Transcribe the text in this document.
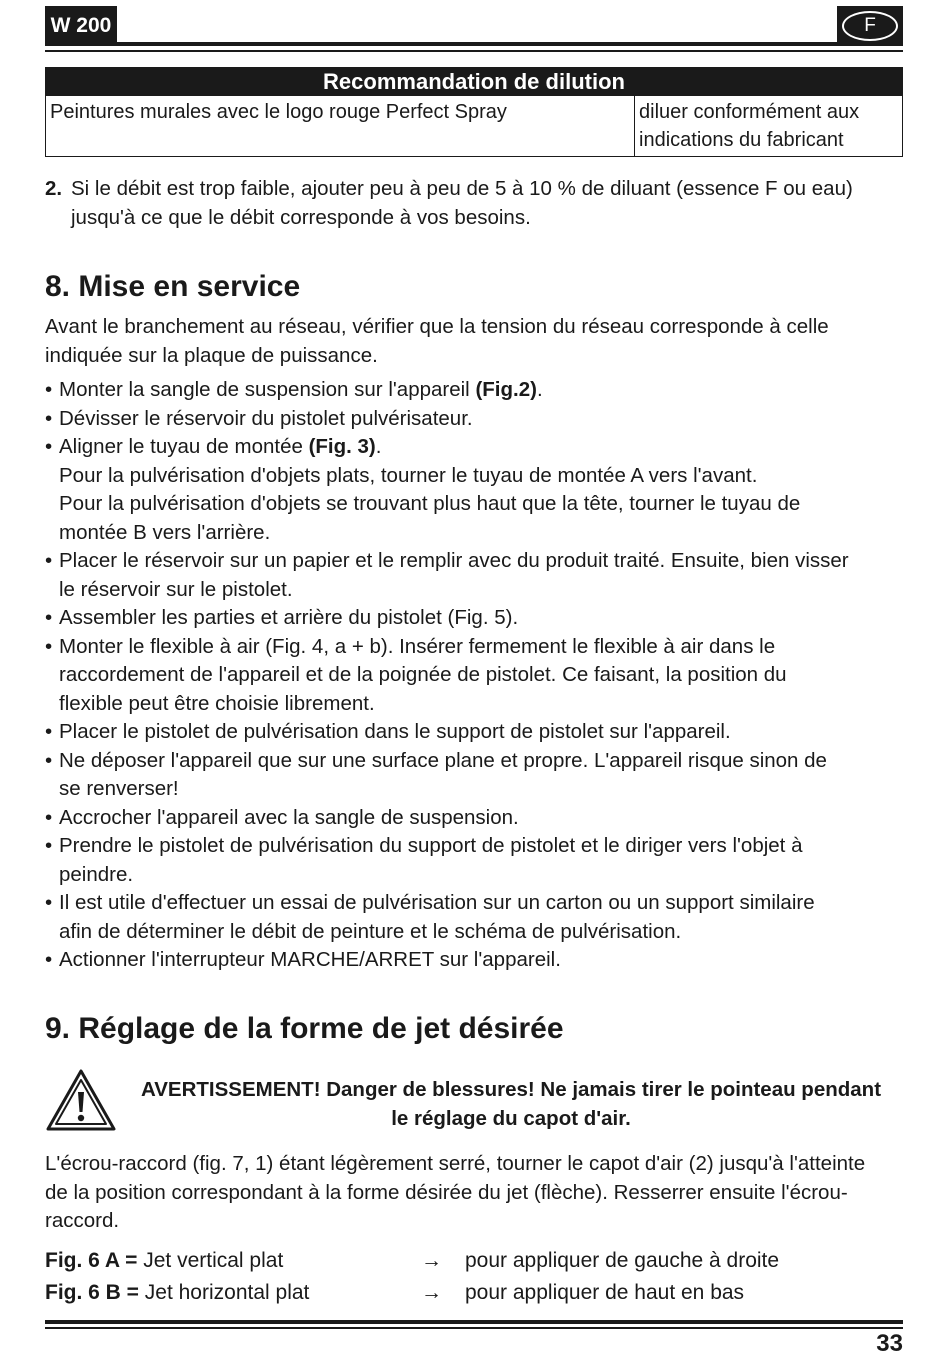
W 200	F
Recommandation de dilution
Peintures murales avec le logo rouge Perfect Spray	diluer conformément aux
indications du fabricant
2. Si le débit est trop faible, ajouter peu à peu de 5 à 10 % de diluant (essence F ou eau)
jusqu'à ce que le débit corresponde à vos besoins.
8. Mise en service
Avant le branchement au réseau, vérifier que la tension du réseau corresponde à celle
indiquée sur la plaque de puissance.
• Monter la sangle de suspension sur l'appareil (Fig.2).
• Dévisser le réservoir du pistolet pulvérisateur.
• Aligner le tuyau de montée (Fig. 3).
Pour la pulvérisation d'objets plats, tourner le tuyau de montée A vers l'avant.
Pour la pulvérisation d'objets se trouvant plus haut que la tête, tourner le tuyau de
montée B vers l'arrière.
• Placer le réservoir sur un papier et le remplir avec du produit traité. Ensuite, bien visser
le réservoir sur le pistolet.
• Assembler les parties et arrière du pistolet (Fig. 5).
• Monter le flexible à air (Fig. 4, a + b). Insérer fermement le flexible à air dans le
raccordement de l'appareil et de la poignée de pistolet. Ce faisant, la position du
flexible peut être choisie librement.
• Placer le pistolet de pulvérisation dans le support de pistolet sur l'appareil.
• Ne déposer l'appareil que sur une surface plane et propre. L'appareil risque sinon de
se renverser!
• Accrocher l'appareil avec la sangle de suspension.
• Prendre le pistolet de pulvérisation du support de pistolet et le diriger vers l'objet à
peindre.
• Il est utile d'effectuer un essai de pulvérisation sur un carton ou un support similaire
afin de déterminer le débit de peinture et le schéma de pulvérisation.
• Actionner l'interrupteur MARCHE/ARRET sur l'appareil.
9. Réglage de la forme de jet désirée
AVERTISSEMENT! Danger de blessures! Ne jamais tirer le pointeau pendant
le réglage du capot d'air.
L'écrou-raccord (fig. 7, 1) étant légèrement serré, tourner le capot d'air (2) jusqu'à l'atteinte
de la position correspondant à la forme désirée du jet (flèche). Resserrer ensuite l'écrou-
raccord.
Fig. 6 A = Jet vertical plat	→ pour appliquer de gauche à droite
Fig. 6 B = Jet horizontal plat	→ pour appliquer de haut en bas
33
